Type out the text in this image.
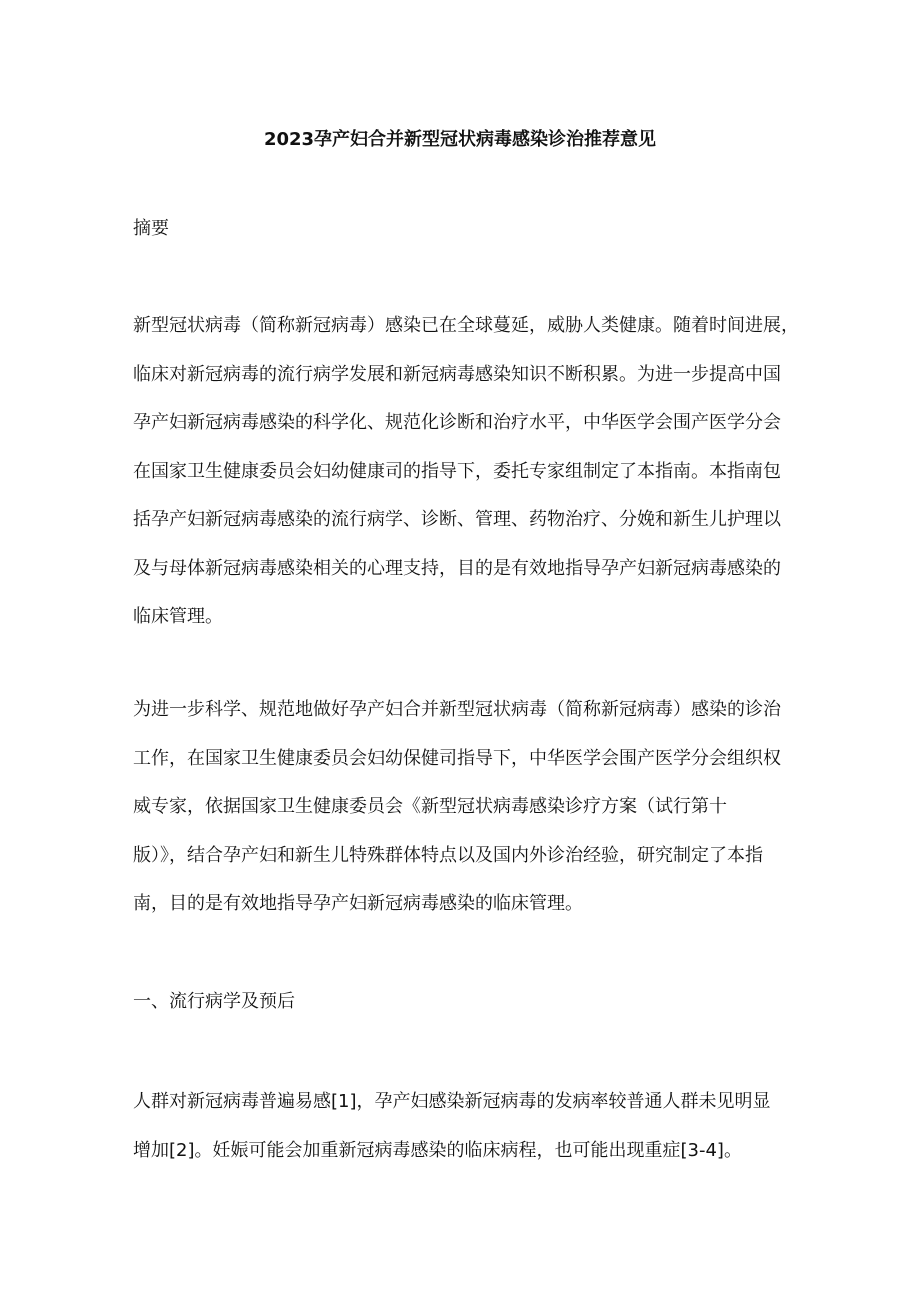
2023孕产妇合并新型冠状病毒感染诊治推荐意见
摘要
新型冠状病毒（简称新冠病毒）感染已在全球蔓延，威胁人类健康。随着时间进展，
临床对新冠病毒的流行病学发展和新冠病毒感染知识不断积累。为进一步提高中国
孕产妇新冠病毒感染的科学化、规范化诊断和治疗水平，中华医学会围产医学分会
在国家卫生健康委员会妇幼健康司的指导下，委托专家组制定了本指南。本指南包
括孕产妇新冠病毒感染的流行病学、诊断、管理、药物治疗、分娩和新生儿护理以
及与母体新冠病毒感染相关的心理支持，目的是有效地指导孕产妇新冠病毒感染的
临床管理。
为进一步科学、规范地做好孕产妇合并新型冠状病毒（简称新冠病毒）感染的诊治
工作，在国家卫生健康委员会妇幼保健司指导下，中华医学会围产医学分会组织权
威专家，依据国家卫生健康委员会《新型冠状病毒感染诊疗方案（试行第十
版）》，结合孕产妇和新生儿特殊群体特点以及国内外诊治经验，研究制定了本指
南，目的是有效地指导孕产妇新冠病毒感染的临床管理。
一、流行病学及预后
人群对新冠病毒普遍易感[1]，孕产妇感染新冠病毒的发病率较普通人群未见明显
增加[2]。妊娠可能会加重新冠病毒感染的临床病程，也可能出现重症[3-4]。
